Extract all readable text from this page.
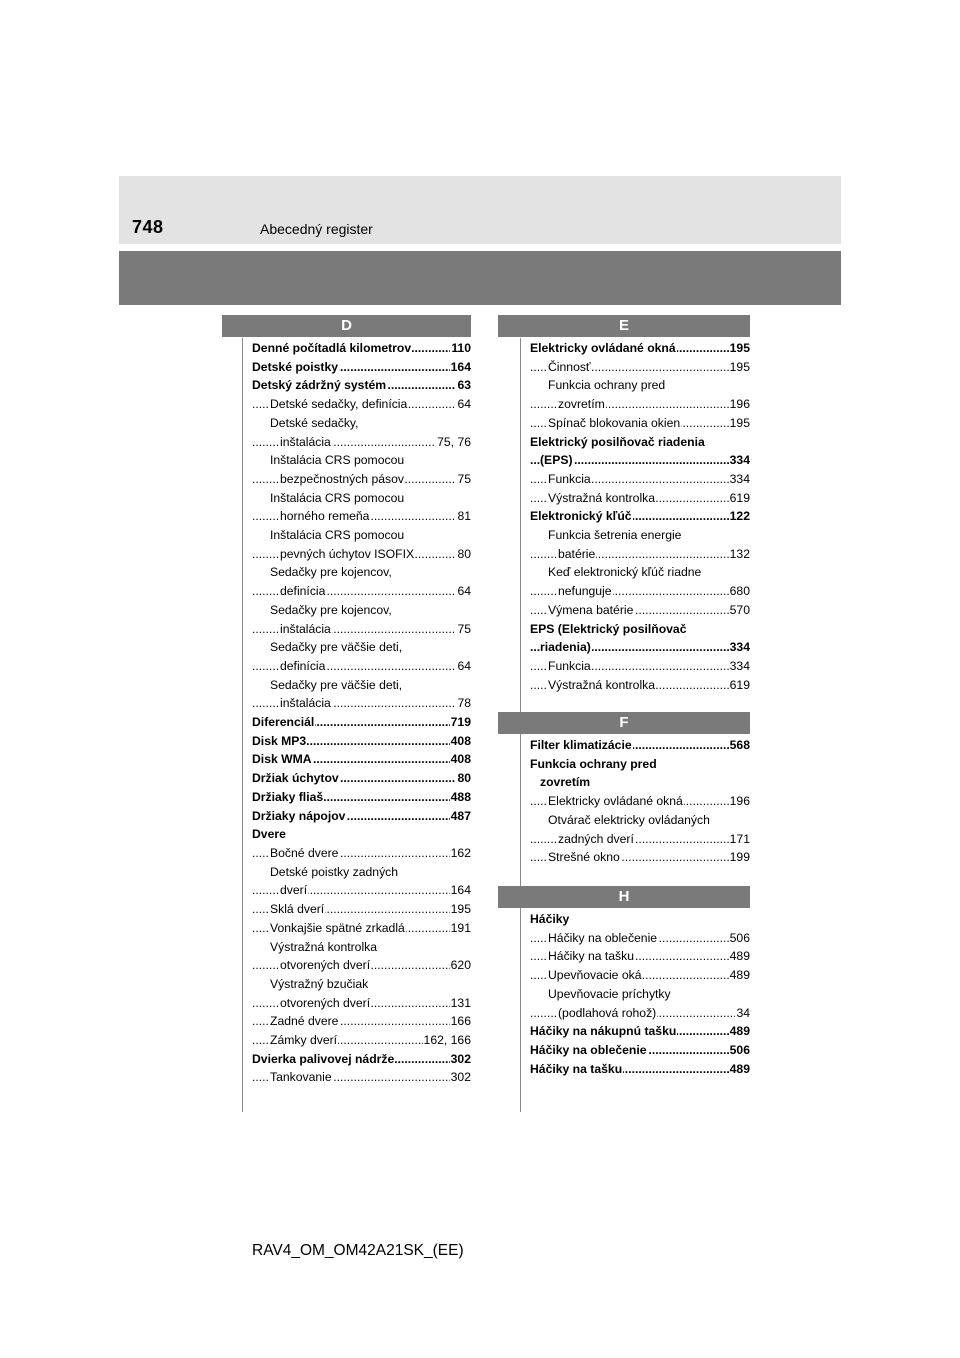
748	Abecedný register
D
Denné počítadlá kilometrov	110
.....
Detské poistky	164
.....
Detský zádržný systém	63
.....
Detské sedačky, definícia	64
.....
Detské sedačky,
inštalácia	75, 76
.....
Inštalácia CRS pomocou
bezpečnostných pásov	75
.....
Inštalácia CRS pomocou
horného remeňa	81
.....
Inštalácia CRS pomocou
pevných úchytov ISOFIX	80
.....
Sedačky pre kojencov,
definícia	64
.....
Sedačky pre kojencov,
inštalácia	75
.....
Sedačky pre väčšie deti,
definícia	64
.....
Sedačky pre väčšie deti,
inštalácia	78
.....
Diferenciál	719
.....
Disk MP3	408
.....
Disk WMA	408
.....
Držiak úchytov	80
.....
Držiaky fliaš	488
.....
Držiaky nápojov	487
.....
Dvere
Bočné dvere	162
.....
Detské poistky zadných
dverí	164
.....
Sklá dverí	195
.....
Vonkajšie spätné zrkadlá	191
.....
Výstražná kontrolka
otvorených dverí	620
.....
Výstražný bzučiak
otvorených dverí	131
.....
Zadné dvere	166
.....
Zámky dverí	162, 166
.....
Dvierka palivovej nádrže	302
.....
Tankovanie	302
.....
E
Elektricky ovládané okná	195
.....
Činnosť	195
.....
Funkcia ochrany pred
zovretím	196
.....
Spínač blokovania okien	195
.....
Elektrický posilňovač riadenia
(EPS)	334
.....
Funkcia	334
.....
Výstražná kontrolka	619
.....
Elektronický kľúč	122
.....
Funkcia šetrenia energie
batérie	132
.....
Keď elektronický kľúč riadne
nefunguje	680
.....
Výmena batérie	570
.....
EPS (Elektrický posilňovač
riadenia)	334
.....
Funkcia	334
.....
Výstražná kontrolka	619
.....
F
Filter klimatizácie	568
.....
Funkcia ochrany pred
zovretím
Elektricky ovládané okná	196
.....
Otvárač elektricky ovládaných
zadných dverí	171
.....
Strešné okno	199
.....
H
Háčiky
Háčiky na oblečenie	506
.....
Háčiky na tašku	489
.....
Upevňovacie oká	489
.....
Upevňovacie príchytky
(podlahová rohož)	34
.....
Háčiky na nákupnú tašku	489
.....
Háčiky na oblečenie	506
.....
Háčiky na tašku	489
.....
RAV4_OM_OM42A21SK_(EE)
